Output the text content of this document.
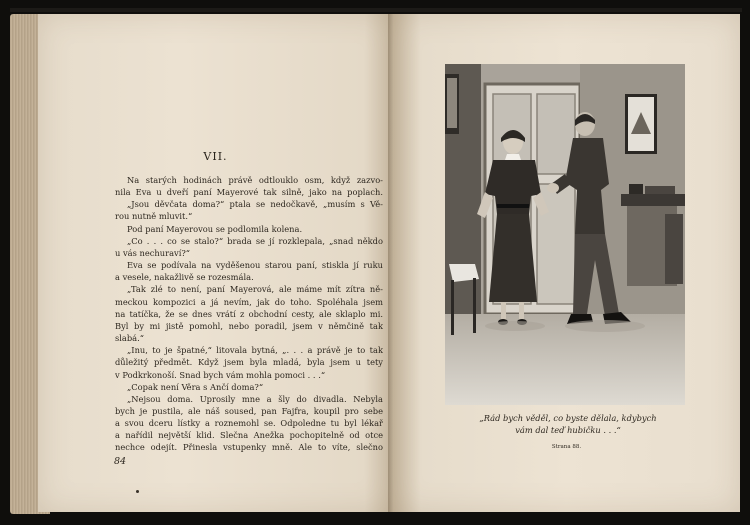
VII.
Na starých hodinách právě odtlouklo osm, když zazvo-
nila Eva u dveří paní Mayerové tak silně, jako na poplach.
„Jsou děvčata doma?“ ptala se nedočkavě, „musím s Vě-
rou nutně mluvit.“
Pod paní Mayerovou se podlomila kolena.
„Co . . . co se stalo?“ brada se jí rozklepala, „snad někdo
u vás nechuraví?“
Eva se podívala na vyděšenou starou paní, stiskla jí ruku
a vesele, nakažlivě se rozesmála.
„Tak zlé to není, paní Mayerová, ale máme mít zítra ně-
meckou kompozici a já nevím, jak do toho. Spoléhala jsem
na tatíčka, že se dnes vrátí z obchodní cesty, ale sklaplo mi.
Byl by mi jistě pomohl, nebo poradil, jsem v němčině tak
slabá.“
„Inu, to je špatné,“ litovala bytná, „. . . a právě je to tak
důležitý předmět. Když jsem byla mladá, byla jsem u tety
v Podkrkonoší. Snad bych vám mohla pomoci . . .“
„Copak není Věra s Ančí doma?“
„Nejsou doma. Uprosily mne a šly do divadla. Nebyla
bych je pustila, ale náš soused, pan Fajfra, koupil pro sebe
a svou dceru lístky a roznemohl se. Odpoledne tu byl lékař
a nařídil největší klid. Slečna Anežka pochopitelně od otce
nechce odejít. Přinesla vstupenky mně. Ale to víte, slečno
84
„Rád bych věděl, co byste dělala, kdybych
vám dal teď hubičku . . .“
Strana 88.
